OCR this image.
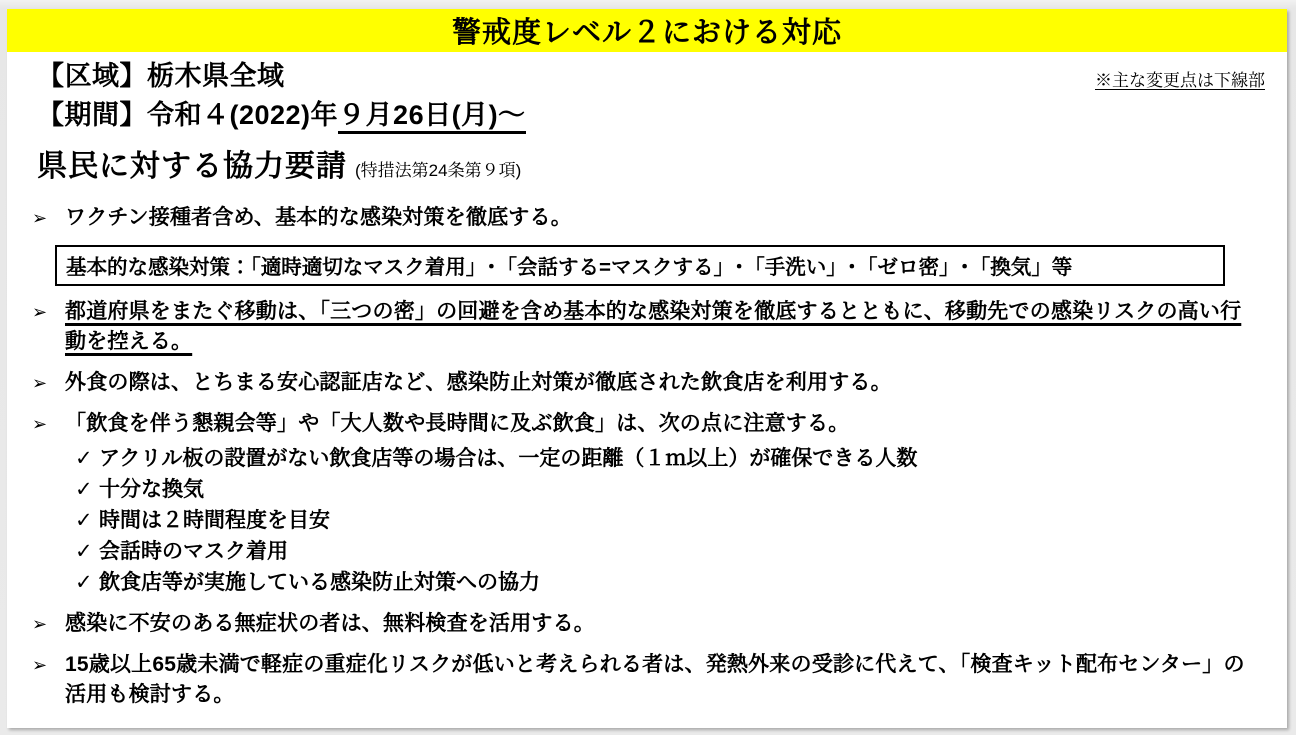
警戒度レベル２における対応
※主な変更点は下線部
【区域】栃木県全域
【期間】令和４(2022)年９月26日(月)～
県民に対する協力要請 (特措法第24条第９項)
➢ ワクチン接種者含め、基本的な感染対策を徹底する。
基本的な感染対策：「適時適切なマスク着用」･「会話する=マスクする」･「手洗い」･「ゼロ密」･「換気」等
➢ 都道府県をまたぐ移動は、「三つの密」の回避を含め基本的な感染対策を徹底するとともに、移動先での感染リスクの高い行動を控える。
➢ 外食の際は、とちまる安心認証店など、感染防止対策が徹底された飲食店を利用する。
➢ 「飲食を伴う懇親会等」や「大人数や長時間に及ぶ飲食」は、次の点に注意する。
✓ アクリル板の設置がない飲食店等の場合は、一定の距離（１ｍ以上）が確保できる人数
✓ 十分な換気
✓ 時間は２時間程度を目安
✓ 会話時のマスク着用
✓ 飲食店等が実施している感染防止対策への協力
➢ 感染に不安のある無症状の者は、無料検査を活用する。
➢ 15歳以上65歳未満で軽症の重症化リスクが低いと考えられる者は、発熱外来の受診に代えて、「検査キット配布センター」の活用も検討する。
